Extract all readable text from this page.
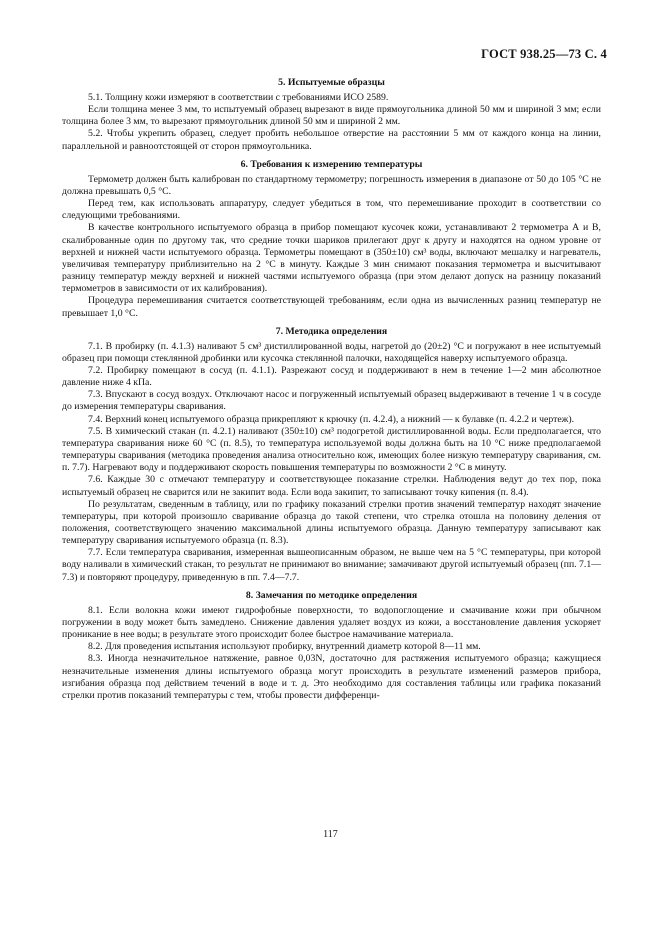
ГОСТ 938.25—73 С. 4
5. Испытуемые образцы

5.1. Толщину кожи измеряют в соответствии с требованиями ИСО 2589.

Если толщина менее 3 мм, то испытуемый образец вырезают в виде прямоугольника длиной 50 мм и шириной 3 мм; если толщина более 3 мм, то вырезают прямоугольник длиной 50 мм и шириной 2 мм.

5.2. Чтобы укрепить образец, следует пробить небольшое отверстие на расстоянии 5 мм от каждого конца на линии, параллельной и равноотстоящей от сторон прямоугольника.

6. Требования к измерению температуры

Термометр должен быть калиброван по стандартному термометру; погрешность измерения в диапазоне от 50 до 105 °С не должна превышать 0,5 °С.

Перед тем, как использовать аппаратуру, следует убедиться в том, что перемешивание проходит в соответствии со следующими требованиями.

В качестве контрольного испытуемого образца в прибор помещают кусочек кожи, устанавливают 2 термометра А и В, скалиброванные один по другому так, что средние точки шариков прилегают друг к другу и находятся на одном уровне от верхней и нижней части испытуемого образца. Термометры помещают в (350±10) см³ воды, включают мешалку и нагреватель, увеличивая температуру приблизительно на 2 °С в минуту. Каждые 3 мин снимают показания термометра и высчитывают разницу температур между верхней и нижней частями испытуемого образца (при этом делают допуск на разницу показаний термометров в зависимости от их калибрования).

Процедура перемешивания считается соответствующей требованиям, если одна из вычисленных разниц температур не превышает 1,0 °С.

7. Методика определения

7.1. В пробирку (п. 4.1.3) наливают 5 см³ дистиллированной воды, нагретой до (20±2) °С и погружают в нее испытуемый образец при помощи стеклянной дробинки или кусочка стеклянной палочки, находящейся наверху испытуемого образца.

7.2. Пробирку помещают в сосуд (п. 4.1.1). Разрежают сосуд и поддерживают в нем в течение 1—2 мин абсолютное давление ниже 4 кПа.

7.3. Впускают в сосуд воздух. Отключают насос и погруженный испытуемый образец выдерживают в течение 1 ч в сосуде до измерения температуры сваривания.

7.4. Верхний конец испытуемого образца прикрепляют к крючку (п. 4.2.4), а нижний — к булавке (п. 4.2.2 и чертеж).

7.5. В химический стакан (п. 4.2.1) наливают (350±10) см³ подогретой дистиллированной воды. Если предполагается, что температура сваривания ниже 60 °С (п. 8.5), то температура используемой воды должна быть на 10 °С ниже предполагаемой температуры сваривания (методика проведения анализа относительно кож, имеющих более низкую температуру сваривания, см. п. 7.7). Нагревают воду и поддерживают скорость повышения температуры по возможности 2 °С в минуту.

7.6. Каждые 30 с отмечают температуру и соответствующее показание стрелки. Наблюдения ведут до тех пор, пока испытуемый образец не сварится или не закипит вода. Если вода закипит, то записывают точку кипения (п. 8.4).

По результатам, сведенным в таблицу, или по графику показаний стрелки против значений температур находят значение температуры, при которой произошло сваривание образца до такой степени, что стрелка отошла на половину деления от положения, соответствующего значению максимальной длины испытуемого образца. Данную температуру записывают как температуру сваривания испытуемого образца (п. 8.3).

7.7. Если температура сваривания, измеренная вышеописанным образом, не выше чем на 5 °С температуры, при которой воду наливали в химический стакан, то результат не принимают во внимание; замачивают другой испытуемый образец (пп. 7.1—7.3) и повторяют процедуру, приведенную в пп. 7.4—7.7.

8. Замечания по методике определения

8.1. Если волокна кожи имеют гидрофобные поверхности, то водопоглощение и смачивание кожи при обычном погружении в воду может быть замедлено. Снижение давления удаляет воздух из кожи, а восстановление давления ускоряет проникание в нее воды; в результате этого происходит более быстрое намачивание материала.

8.2. Для проведения испытания используют пробирку, внутренний диаметр которой 8—11 мм.

8.3. Иногда незначительное натяжение, равное 0,03N, достаточно для растяжения испытуемого образца; кажущиеся незначительные изменения длины испытуемого образца могут происходить в результате изменений размеров прибора, изгибания образца под действием течений в воде и т. д. Это необходимо для составления таблицы или графика показаний стрелки против показаний температуры с тем, чтобы провести дифференци-

117
